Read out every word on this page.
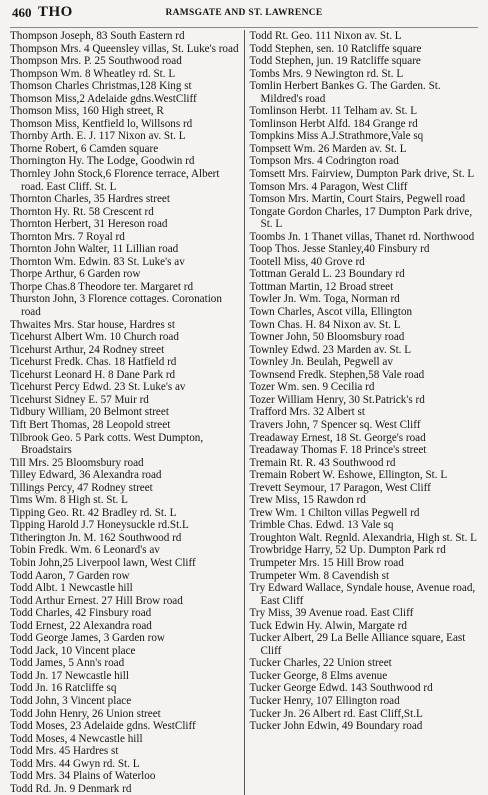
460 THO	RAMSGATE AND ST. LAWRENCE
Thompson Joseph, 83 South Eastern rd
Thompson Mrs. 4 Queensley villas, St. Luke's road
Thompson Mrs. P. 25 Southwood road
Thompson Wm. 8 Wheatley rd. St. L
Thomson Charles Christmas,128 King st
Thomson Miss,2 Adelaide gdns.WestCliff
Thomson Miss, 160 High street, R
Thomson Miss, Kentfield lo, Willsons rd
Thornby Arth. E. J. 117 Nixon av. St. L
Thorne Robert, 6 Camden square
Thornington Hy. The Lodge, Goodwin rd
Thornley John Stock,6 Florence terrace, Albert road. East Cliff. St. L
Thornton Charles, 35 Hardres street
Thornton Hy. Rt. 58 Crescent rd
Thornton Herbert, 31 Hereson road
Thornton Mrs. 7 Royal rd
Thornton John Walter, 11 Lillian road
Thornton Wm. Edwin. 83 St. Luke's av
Thorpe Arthur, 6 Garden row
Thorpe Chas.8 Theodore ter. Margaret rd
Thurston John, 3 Florence cottages. Coronation road
Thwaites Mrs. Star house, Hardres st
Ticehurst Albert Wm. 10 Church road
Ticehurst Arthur, 24 Rodney street
Ticehurst Fredk. Chas. 18 Hatfield rd
Ticehurst Leonard H. 8 Dane Park rd
Ticehurst Percy Edwd. 23 St. Luke's av
Ticehurst Sidney E. 57 Muir rd
Tidbury William, 20 Belmont street
Tift Bert Thomas, 28 Leopold street
Tilbrook Geo. 5 Park cotts. West Dumpton, Broadstairs
Till Mrs. 25 Bloomsbury road
Tilley Edward, 36 Alexandra road
Tillings Percy, 47 Rodney street
Tims Wm. 8 High st. St. L
Tipping Geo. Rt. 42 Bradley rd. St. L
Tipping Harold J.7 Honeysuckle rd.St.L
Titherington Jn. M. 162 Southwood rd
Tobin Fredk. Wm. 6 Leonard's av
Tobin John,25 Liverpool lawn, West Cliff
Todd Aaron, 7 Garden row
Todd Albt. 1 Newcastle hill
Todd Arthur Ernest. 27 Hill Brow road
Todd Charles, 42 Finsbury road
Todd Ernest, 22 Alexandra road
Todd George James, 3 Garden row
Todd Jack, 10 Vincent place
Todd James, 5 Ann's road
Todd Jn. 17 Newcastle hill
Todd Jn. 16 Ratcliffe sq
Todd John, 3 Vincent place
Todd John Henry, 26 Union street
Todd Moses, 23 Adelaide gdns. WestCliff
Todd Moses, 4 Newcastle hill
Todd Mrs. 45 Hardres st
Todd Mrs. 44 Gwyn rd. St. L
Todd Mrs. 34 Plains of Waterloo
Todd Rd. Jn. 9 Denmark rd
Todd Rt. Geo. 111 Nixon av. St. L
Todd Stephen, sen. 10 Ratcliffe square
Todd Stephen, jun. 19 Ratcliffe square
Tombs Mrs. 9 Newington rd. St. L
Tomlin Herbert Bankes G. The Garden. St. Mildred's road
Tomlinson Herbt. 11 Telham av. St. L
Tomlinson Herbt Alfd. 184 Grange rd
Tompkins Miss A.J.Strathmore,Vale sq
Tompsett Wm. 26 Marden av. St. L
Tompson Mrs. 4 Codrington road
Tomsett Mrs. Fairview, Dumpton Park drive, St. L
Tomson Mrs. 4 Paragon, West Cliff
Tomson Mrs. Martin, Court Stairs, Pegwell road
Tongate Gordon Charles, 17 Dumpton Park drive, St. L
Toombs Jn. 1 Thanet villas, Thanet rd. Northwood
Toop Thos. Jesse Stanley,40 Finsbury rd
Tootell Miss, 40 Grove rd
Tottman Gerald L. 23 Boundary rd
Tottman Martin, 12 Broad street
Towler Jn. Wm. Toga, Norman rd
Town Charles, Ascot villa, Ellington
Town Chas. H. 84 Nixon av. St. L
Towner John, 50 Bloomsbury road
Townley Edwd. 23 Marden av. St. L
Townley Jn. Beulah, Pegwell av
Townsend Fredk. Stephen,58 Vale road
Tozer Wm. sen. 9 Cecilia rd
Tozer William Henry, 30 St.Patrick's rd
Trafford Mrs. 32 Albert st
Travers John, 7 Spencer sq. West Cliff
Treadaway Ernest, 18 St. George's road
Treadaway Thomas F. 18 Prince's street
Tremain Rt. R. 43 Southwood rd
Tremain Robert W. Eshowe, Ellington, St. L
Trevett Seymour, 17 Paragon, West Cliff
Trew Miss, 15 Rawdon rd
Trew Wm. 1 Chilton villas Pegwell rd
Trimble Chas. Edwd. 13 Vale sq
Troughton Walt. Regnld. Alexandria, High st. St. L
Trowbridge Harry, 52 Up. Dumpton Park rd
Trumpeter Mrs. 15 Hill Brow road
Trumpeter Wm. 8 Cavendish st
Try Edward Wallace, Syndale house, Avenue road, East Cliff
Try Miss, 39 Avenue road. East Cliff
Tuck Edwin Hy. Alwin, Margate rd
Tucker Albert, 29 La Belle Alliance square, East Cliff
Tucker Charles, 22 Union street
Tucker George, 8 Elms avenue
Tucker George Edwd. 143 Southwood rd
Tucker Henry, 107 Ellington road
Tucker Jn. 26 Albert rd. East Cliff,St.L
Tucker John Edwin, 49 Boundary road
